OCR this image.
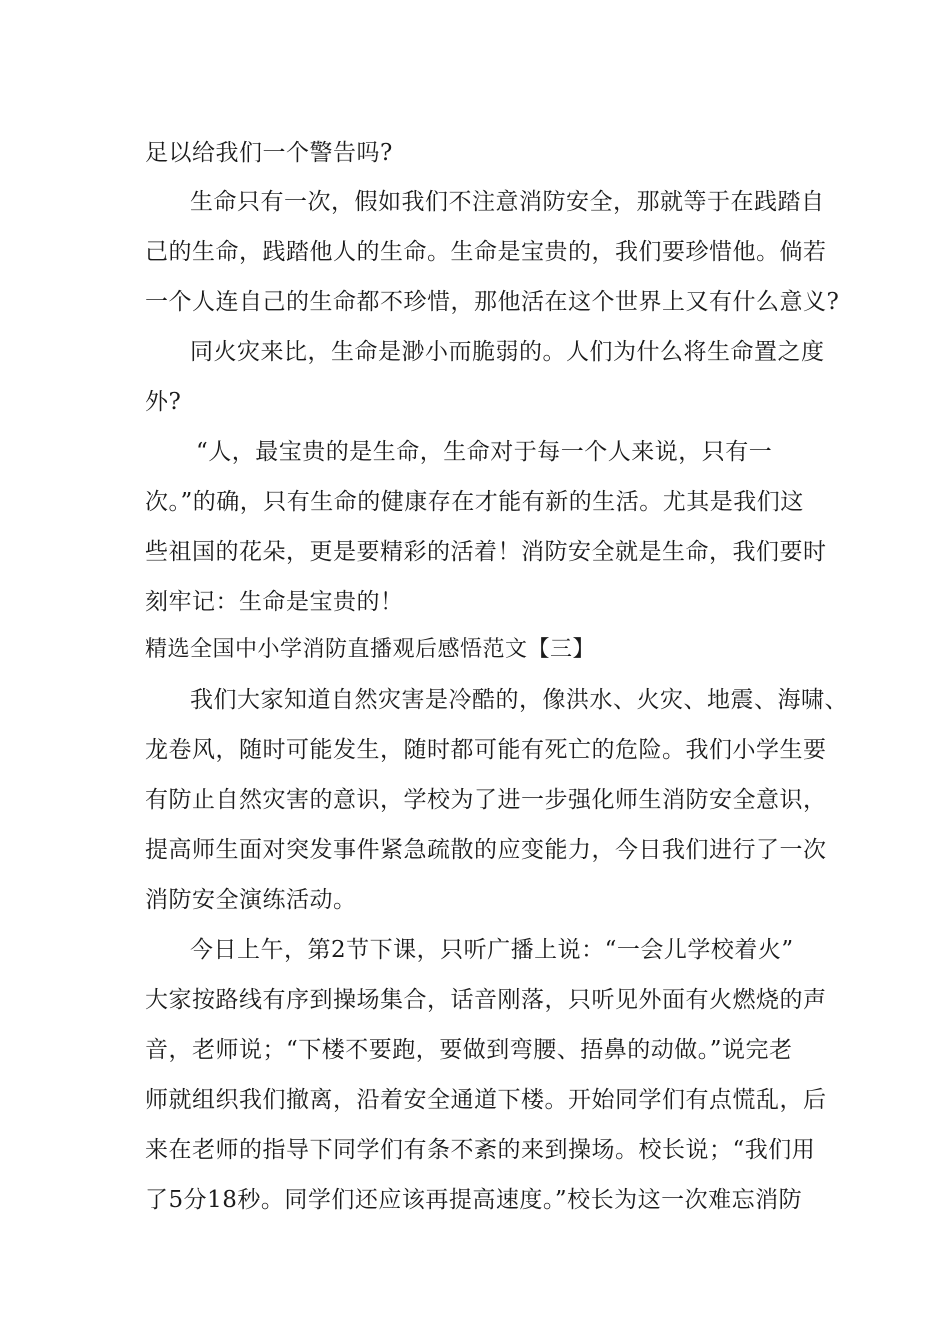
足以给我们一个警告吗?
生命只有一次，假如我们不注意消防安全，那就等于在践踏自
己的生命，践踏他人的生命。生命是宝贵的，我们要珍惜他。倘若
一个人连自己的生命都不珍惜，那他活在这个世界上又有什么意义?
同火灾来比，生命是渺小而脆弱的。人们为什么将生命置之度
外?
“人，最宝贵的是生命，生命对于每一个人来说，只有一
次。”的确，只有生命的健康存在才能有新的生活。尤其是我们这
些祖国的花朵，更是要精彩的活着！消防安全就是生命，我们要时
刻牢记：生命是宝贵的！
精选全国中小学消防直播观后感悟范文【三】
我们大家知道自然灾害是冷酷的，像洪水、火灾、地震、海啸、
龙卷风，随时可能发生，随时都可能有死亡的危险。我们小学生要
有防止自然灾害的意识，学校为了进一步强化师生消防安全意识，
提高师生面对突发事件紧急疏散的应变能力，今日我们进行了一次
消防安全演练活动。
今日上午，第2节下课，只听广播上说：“一会儿学校着火”
大家按路线有序到操场集合，话音刚落，只听见外面有火燃烧的声
音，老师说；“下楼不要跑，要做到弯腰、捂鼻的动做。”说完老
师就组织我们撤离，沿着安全通道下楼。开始同学们有点慌乱，后
来在老师的指导下同学们有条不紊的来到操场。校长说；“我们用
了5分18秒。同学们还应该再提高速度。”校长为这一次难忘消防
